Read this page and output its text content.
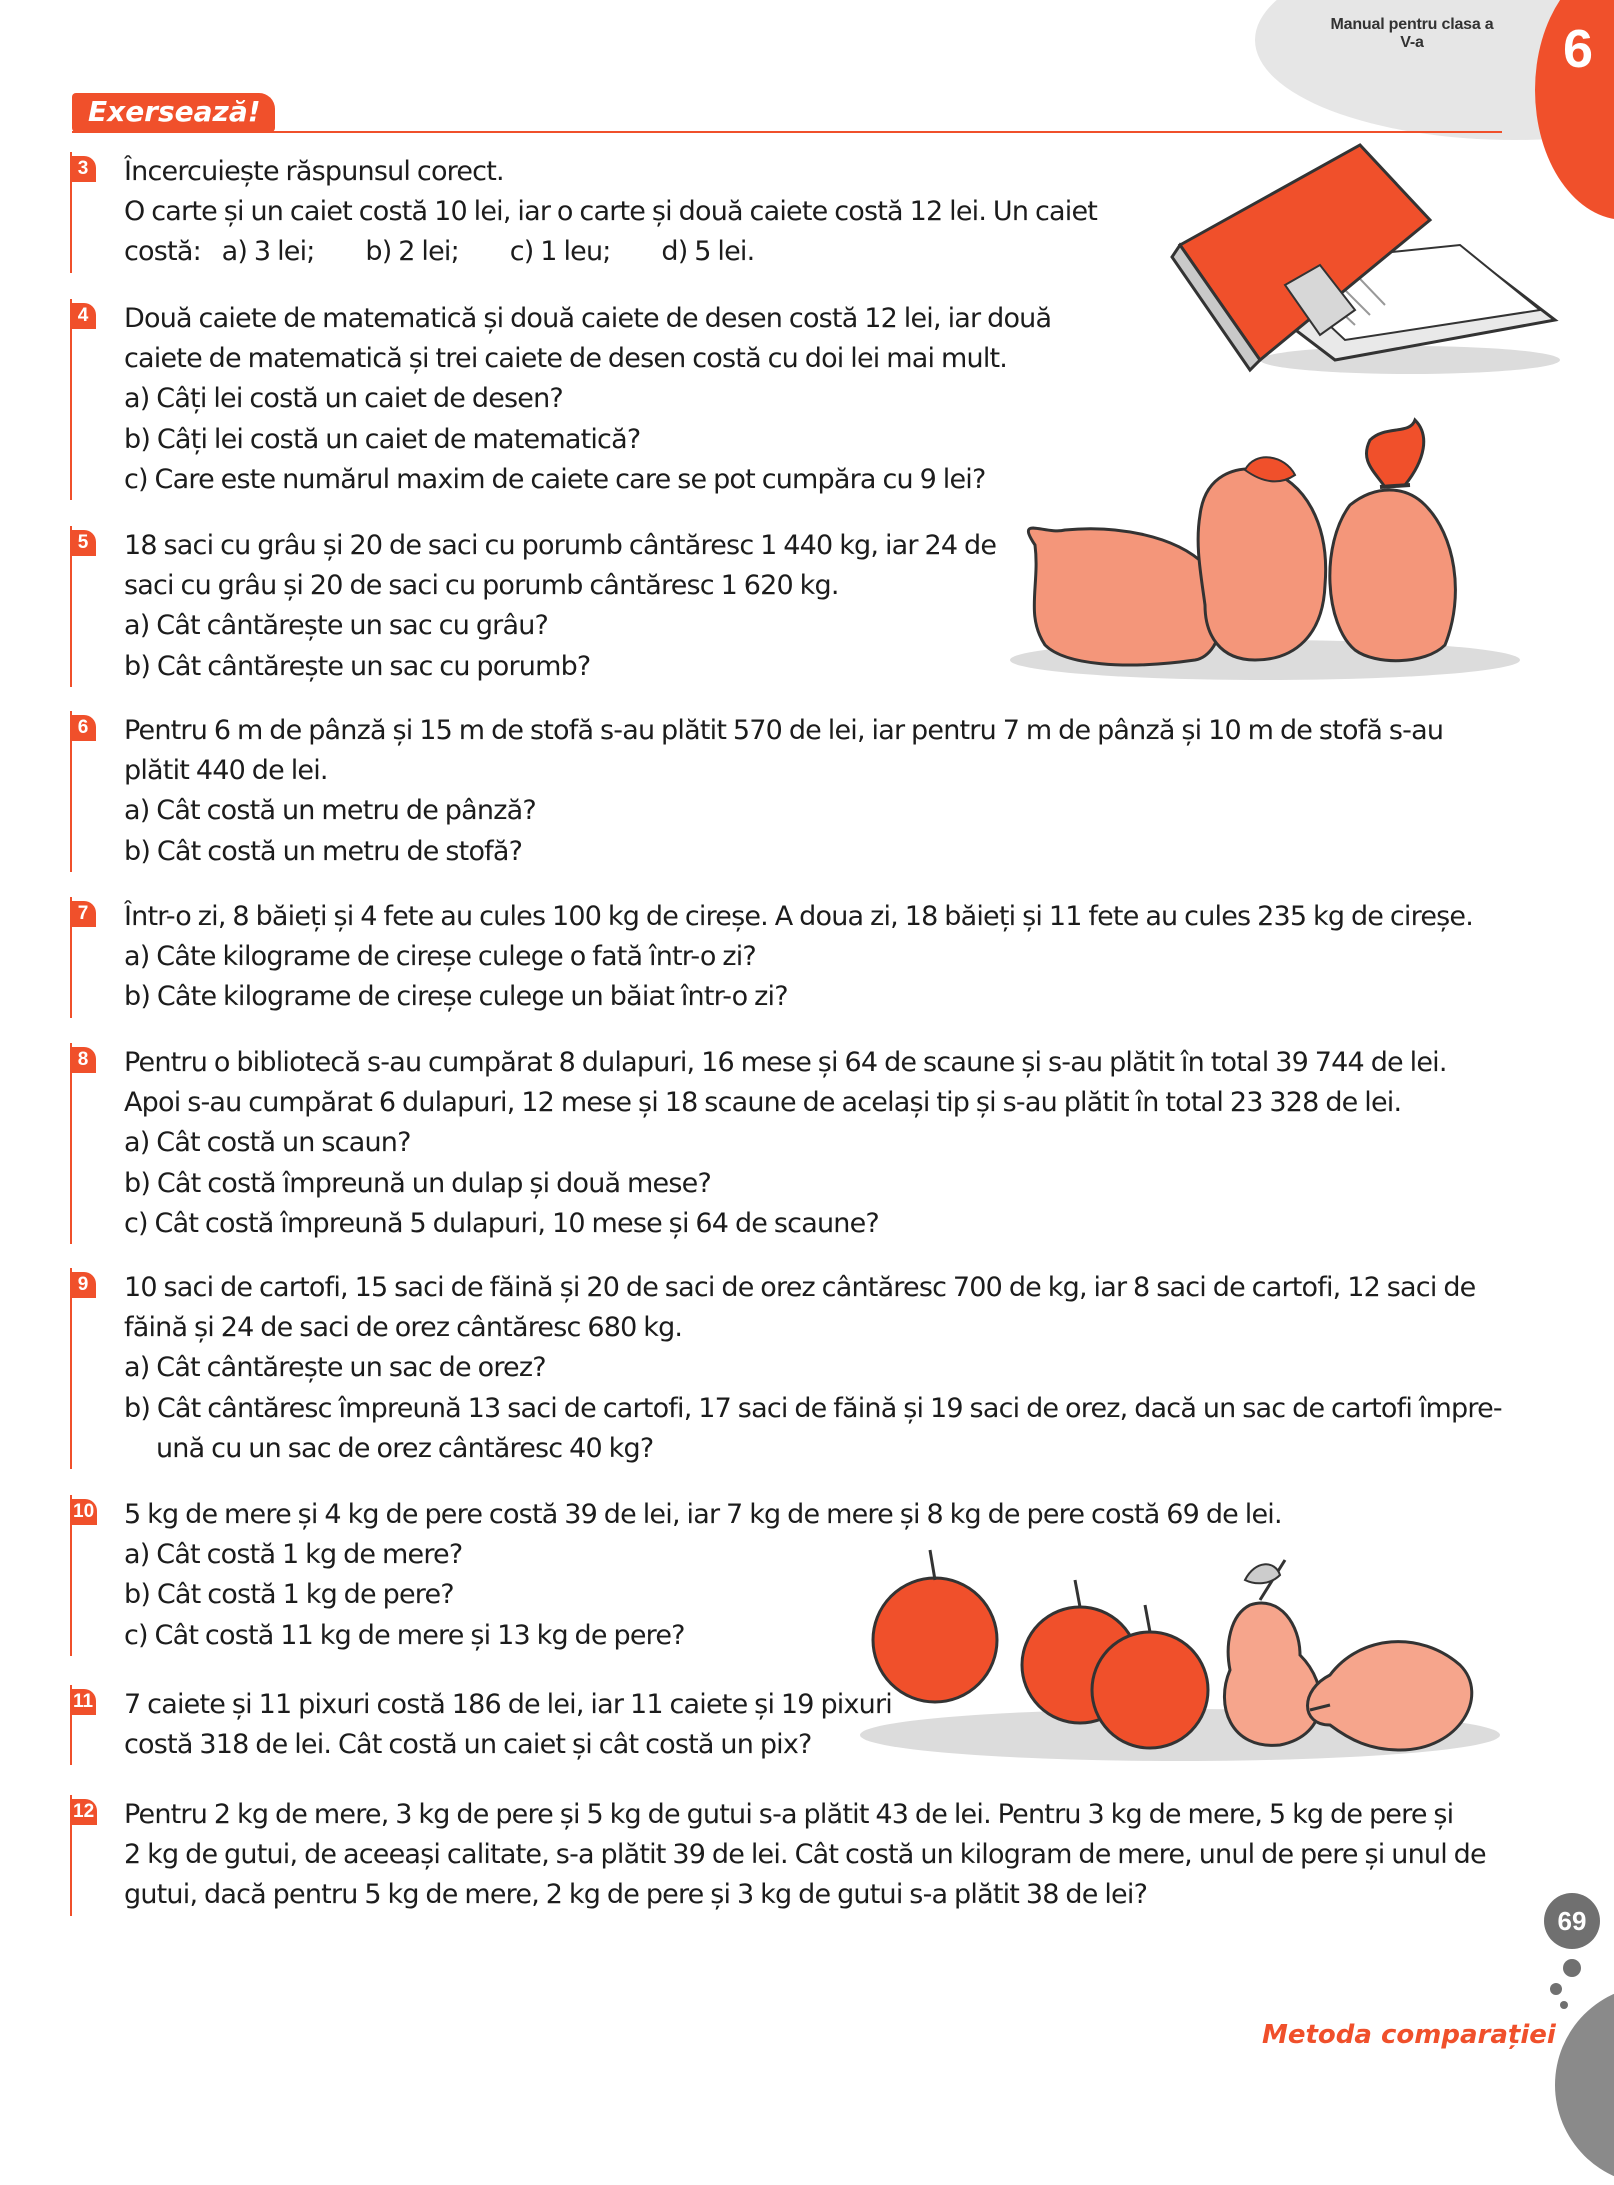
Manual pentru clasa a V-a	6
Exersează!
3 Încercuiește răspunsul corect.

O carte și un caiet costă 10 lei, iar o carte și două caiete costă 12 lei. Un caiet

costă: a) 3 lei; b) 2 lei; c) 1 leu; d) 5 lei.

4 Două caiete de matematică și două caiete de desen costă 12 lei, iar două

caiete de matematică și trei caiete de desen costă cu doi lei mai mult.

a) Câți lei costă un caiet de desen?

b) Câți lei costă un caiet de matematică?

c) Care este numărul maxim de caiete care se pot cumpăra cu 9 lei?

5 18 saci cu grâu și 20 de saci cu porumb cântăresc 1 440 kg, iar 24 de

saci cu grâu și 20 de saci cu porumb cântăresc 1 620 kg.

a) Cât cântărește un sac cu grâu?

b) Cât cântărește un sac cu porumb?

6 Pentru 6 m de pânză și 15 m de stofă s-au plătit 570 de lei, iar pentru 7 m de pânză și 10 m de stofă s-au

plătit 440 de lei.

a) Cât costă un metru de pânză?

b) Cât costă un metru de stofă?

7 Într-o zi, 8 băieți și 4 fete au cules 100 kg de cireșe. A doua zi, 18 băieți și 11 fete au cules 235 kg de cireșe.

a) Câte kilograme de cireșe culege o fată într-o zi?

b) Câte kilograme de cireșe culege un băiat într-o zi?

8 Pentru o bibliotecă s-au cumpărat 8 dulapuri, 16 mese și 64 de scaune și s-au plătit în total 39 744 de lei.

Apoi s-au cumpărat 6 dulapuri, 12 mese și 18 scaune de același tip și s-au plătit în total 23 328 de lei.

a) Cât costă un scaun?

b) Cât costă împreună un dulap și două mese?

c) Cât costă împreună 5 dulapuri, 10 mese și 64 de scaune?

9 10 saci de cartofi, 15 saci de făină și 20 de saci de orez cântăresc 700 de kg, iar 8 saci de cartofi, 12 saci de

făină și 24 de saci de orez cântăresc 680 kg.

a) Cât cântărește un sac de orez?

b) Cât cântăresc împreună 13 saci de cartofi, 17 saci de făină și 19 saci de orez, dacă un sac de cartofi împre-

ună cu un sac de orez cântăresc 40 kg?

10 5 kg de mere și 4 kg de pere costă 39 de lei, iar 7 kg de mere și 8 kg de pere costă 69 de lei.

a) Cât costă 1 kg de mere?

b) Cât costă 1 kg de pere?

c) Cât costă 11 kg de mere și 13 kg de pere?

11 7 caiete și 11 pixuri costă 186 de lei, iar 11 caiete și 19 pixuri

costă 318 de lei. Cât costă un caiet și cât costă un pix?

12 Pentru 2 kg de mere, 3 kg de pere și 5 kg de gutui s-a plătit 43 de lei. Pentru 3 kg de mere, 5 kg de pere și

2 kg de gutui, de aceeași calitate, s-a plătit 39 de lei. Cât costă un kilogram de mere, unul de pere și unul de

gutui, dacă pentru 5 kg de mere, 2 kg de pere și 3 kg de gutui s-a plătit 38 de lei?

69
Metoda comparației
